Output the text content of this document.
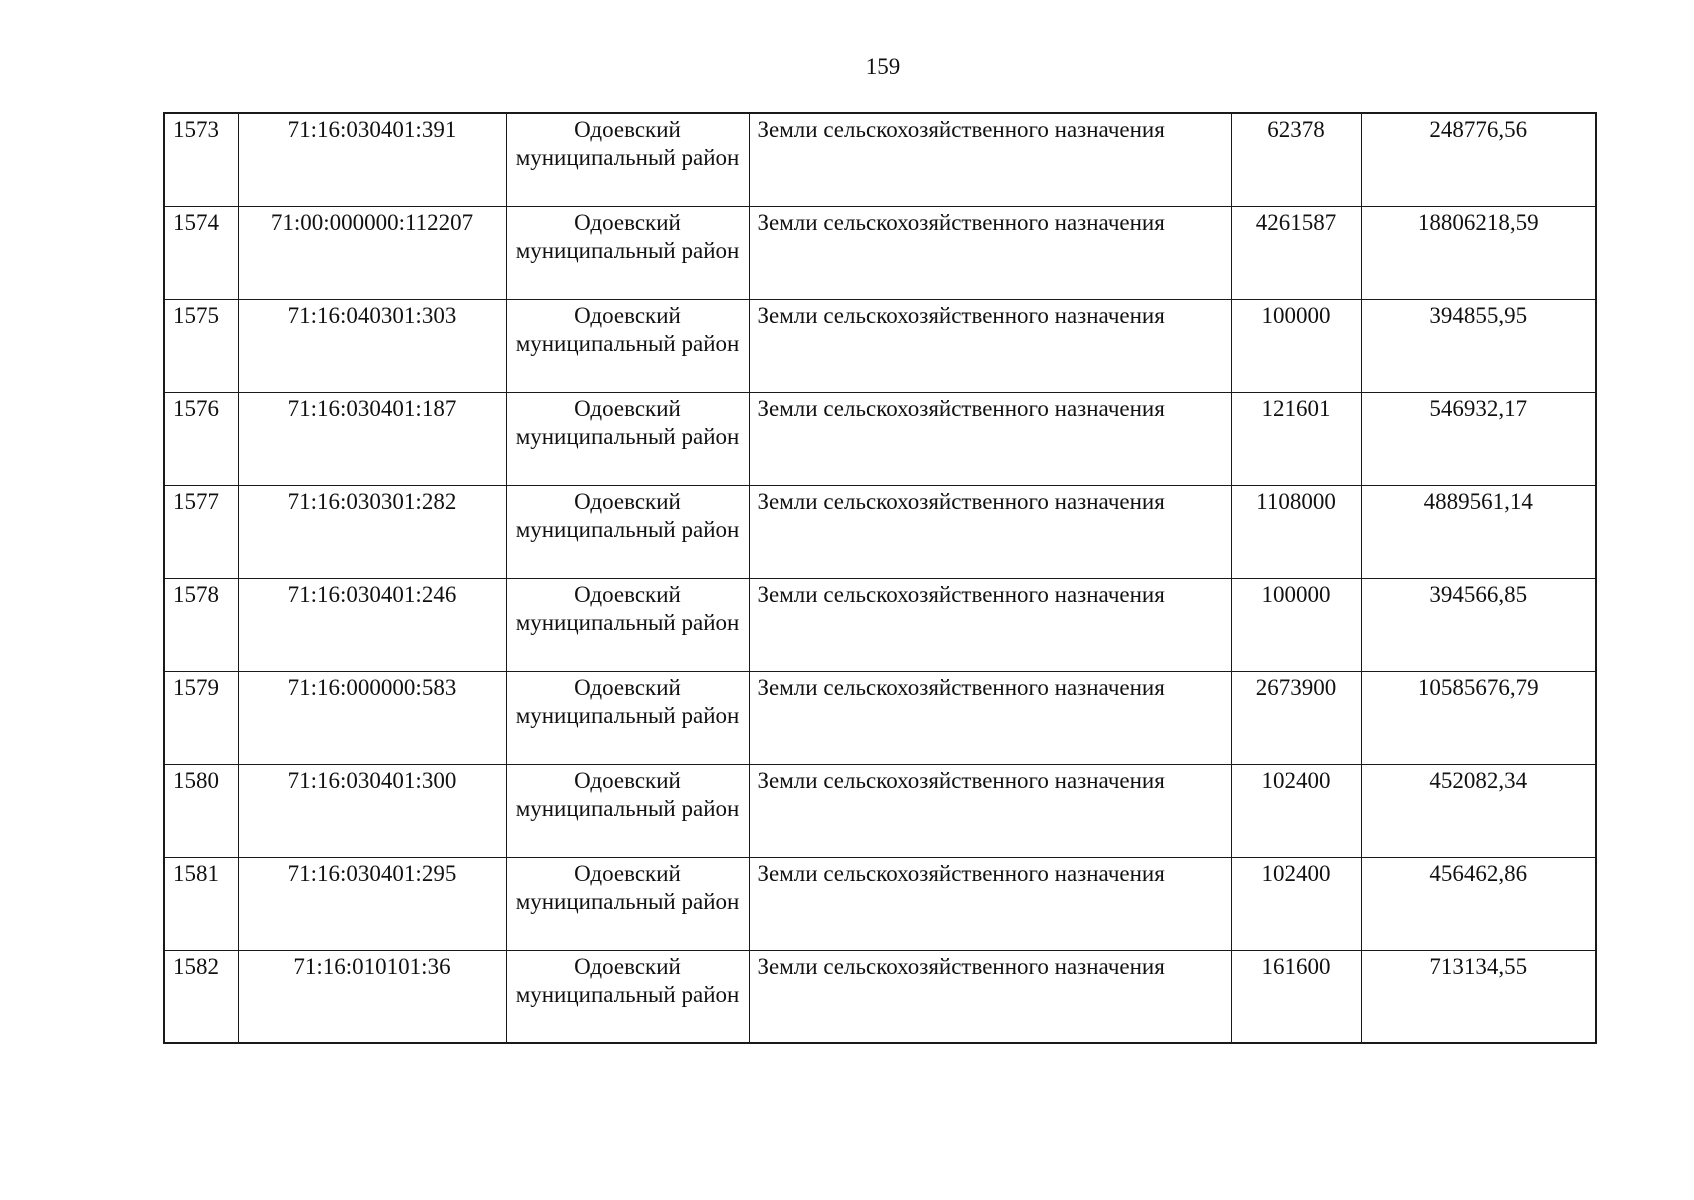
159
1573	71:16:030401:391	Одоевский муниципальный район	Земли сельскохозяйственного назначения	62378	248776,56
1574	71:00:000000:112207	Одоевский муниципальный район	Земли сельскохозяйственного назначения	4261587	18806218,59
1575	71:16:040301:303	Одоевский муниципальный район	Земли сельскохозяйственного назначения	100000	394855,95
1576	71:16:030401:187	Одоевский муниципальный район	Земли сельскохозяйственного назначения	121601	546932,17
1577	71:16:030301:282	Одоевский муниципальный район	Земли сельскохозяйственного назначения	1108000	4889561,14
1578	71:16:030401:246	Одоевский муниципальный район	Земли сельскохозяйственного назначения	100000	394566,85
1579	71:16:000000:583	Одоевский муниципальный район	Земли сельскохозяйственного назначения	2673900	10585676,79
1580	71:16:030401:300	Одоевский муниципальный район	Земли сельскохозяйственного назначения	102400	452082,34
1581	71:16:030401:295	Одоевский муниципальный район	Земли сельскохозяйственного назначения	102400	456462,86
1582	71:16:010101:36	Одоевский муниципальный район	Земли сельскохозяйственного назначения	161600	713134,55
